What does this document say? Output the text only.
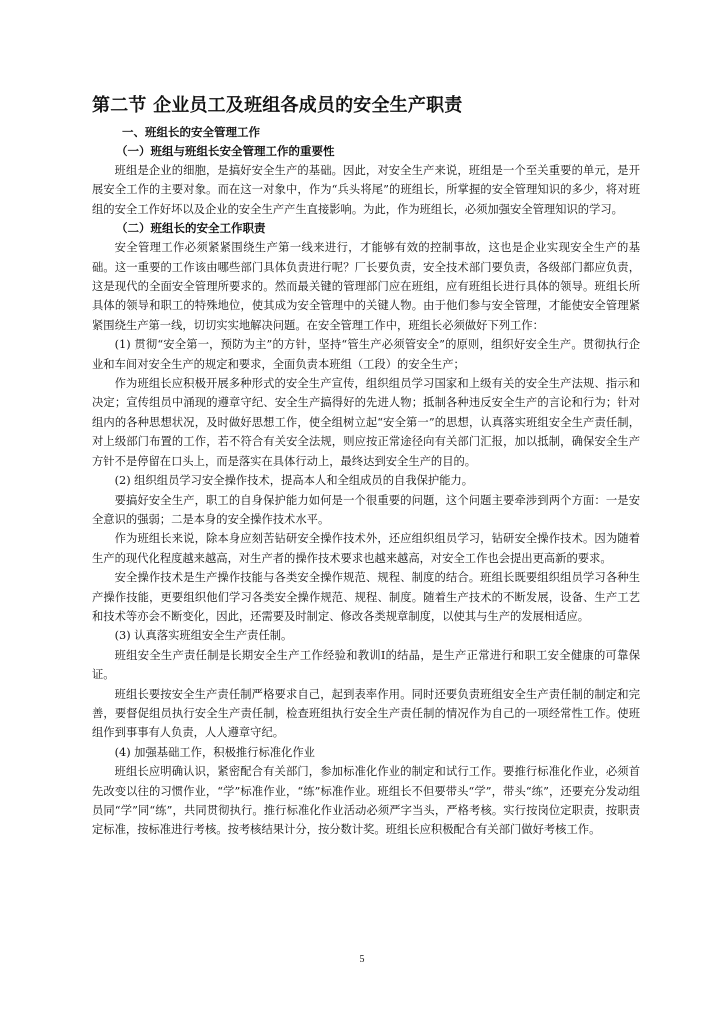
第二节 企业员工及班组各成员的安全生产职责
一、班组长的安全管理工作
（一）班组与班组长安全管理工作的重要性

班组是企业的细胞，是搞好安全生产的基础。因此，对安全生产来说，班组是一个至关重要的单元，是开展安全工作的主要对象。而在这一对象中，作为“兵头将尾”的班组长，所掌握的安全管理知识的多少，将对班组的安全工作好坏以及企业的安全生产产生直接影响。为此，作为班组长，必须加强安全管理知识的学习。

（二）班组长的安全工作职责

安全管理工作必须紧紧围绕生产第一线来进行，才能够有效的控制事故，这也是企业实现安全生产的基础。这一重要的工作该由哪些部门具体负责进行呢？厂长要负责，安全技术部门要负责，各级部门都应负责，这是现代的全面安全管理所要求的。然而最关键的管理部门应在班组，应有班组长进行具体的领导。班组长所具体的领导和职工的特殊地位，使其成为安全管理中的关键人物。由于他们参与安全管理，才能使安全管理紧紧围绕生产第一线，切切实实地解决问题。在安全管理工作中，班组长必须做好下列工作：

(1) 贯彻“安全第一，预防为主”的方针，坚持“管生产必须管安全”的原则，组织好安全生产。贯彻执行企业和车间对安全生产的规定和要求，全面负责本班组（工段）的安全生产；

作为班组长应积极开展多种形式的安全生产宣传，组织组员学习国家和上级有关的安全生产法规、指示和决定；宣传组员中涌现的遵章守纪、安全生产搞得好的先进人物；抵制各种违反安全生产的言论和行为；针对组内的各种思想状况，及时做好思想工作，使全组树立起“安全第一”的思想，认真落实班组安全生产责任制，对上级部门布置的工作，若不符合有关安全法规，则应按正常途径向有关部门汇报，加以抵制，确保安全生产方针不是停留在口头上，而是落实在具体行动上，最终达到安全生产的目的。

(2) 组织组员学习安全操作技术，提高本人和全组成员的自我保护能力。

要搞好安全生产，职工的自身保护能力如何是一个很重要的问题，这个问题主要牵涉到两个方面：一是安全意识的强弱；二是本身的安全操作技术水平。

作为班组长来说，除本身应刻苦钻研安全操作技术外，还应组织组员学习，钻研安全操作技术。因为随着生产的现代化程度越来越高，对生产者的操作技术要求也越来越高，对安全工作也会提出更高新的要求。

安全操作技术是生产操作技能与各类安全操作规范、规程、制度的结合。班组长既要组织组员学习各种生产操作技能，更要组织他们学习各类安全操作规范、规程、制度。随着生产技术的不断发展，设备、生产工艺和技术等亦会不断变化，因此，还需要及时制定、修改各类规章制度，以使其与生产的发展相适应。

(3) 认真落实班组安全生产责任制。

班组安全生产责任制是长期安全生产工作经验和教训Ⅰ的结晶，是生产正常进行和职工安全健康的可靠保证。

班组长要按安全生产责任制严格要求自己，起到表率作用。同时还要负责班组安全生产责任制的制定和完善，要督促组员执行安全生产责任制，检查班组执行安全生产责任制的情况作为自己的一项经常性工作。使班组作到事事有人负责，人人遵章守纪。

(4) 加强基础工作，积极推行标准化作业

班组长应明确认识，紧密配合有关部门，参加标准化作业的制定和试行工作。要推行标准化作业，必须首先改变以往的习惯作业，“学”标准作业，“练”标准作业。班组长不但要带头“学”，带头“练”，还要充分发动组员同“学”同“练”，共同贯彻执行。推行标准化作业活动必须严字当头，严格考核。实行按岗位定职责，按职责定标准，按标准进行考核。按考核结果计分，按分数计奖。班组长应积极配合有关部门做好考核工作。

5
